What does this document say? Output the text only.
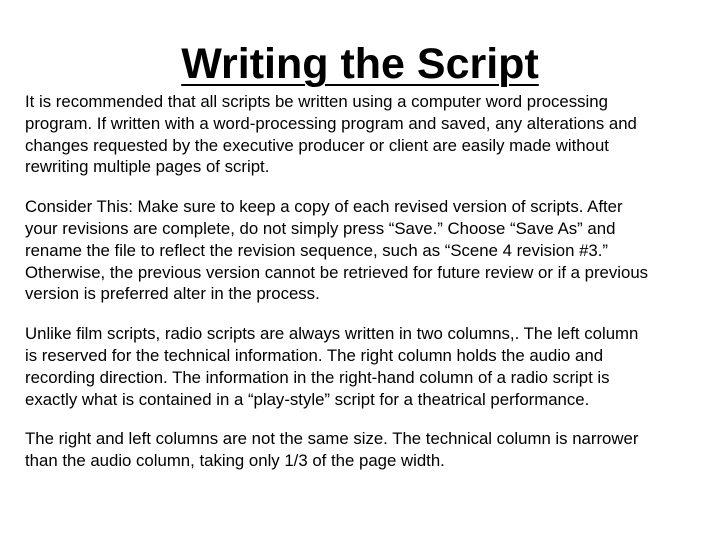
Writing the Script

It is recommended that all scripts be written using a computer word processing
program. If written with a word-processing program and saved, any alterations and
changes requested by the executive producer or client are easily made without
rewriting multiple pages of script.

Consider This: Make sure to keep a copy of each revised version of scripts. After
your revisions are complete, do not simply press “Save.” Choose “Save As” and
rename the file to reflect the revision sequence, such as “Scene 4 revision #3.”
Otherwise, the previous version cannot be retrieved for future review or if a previous
version is preferred alter in the process.

Unlike film scripts, radio scripts are always written in two columns,. The left column
is reserved for the technical information. The right column holds the audio and
recording direction. The information in the right-hand column of a radio script is
exactly what is contained in a “play-style” script for a theatrical performance.

The right and left columns are not the same size. The technical column is narrower
than the audio column, taking only 1/3 of the page width.
